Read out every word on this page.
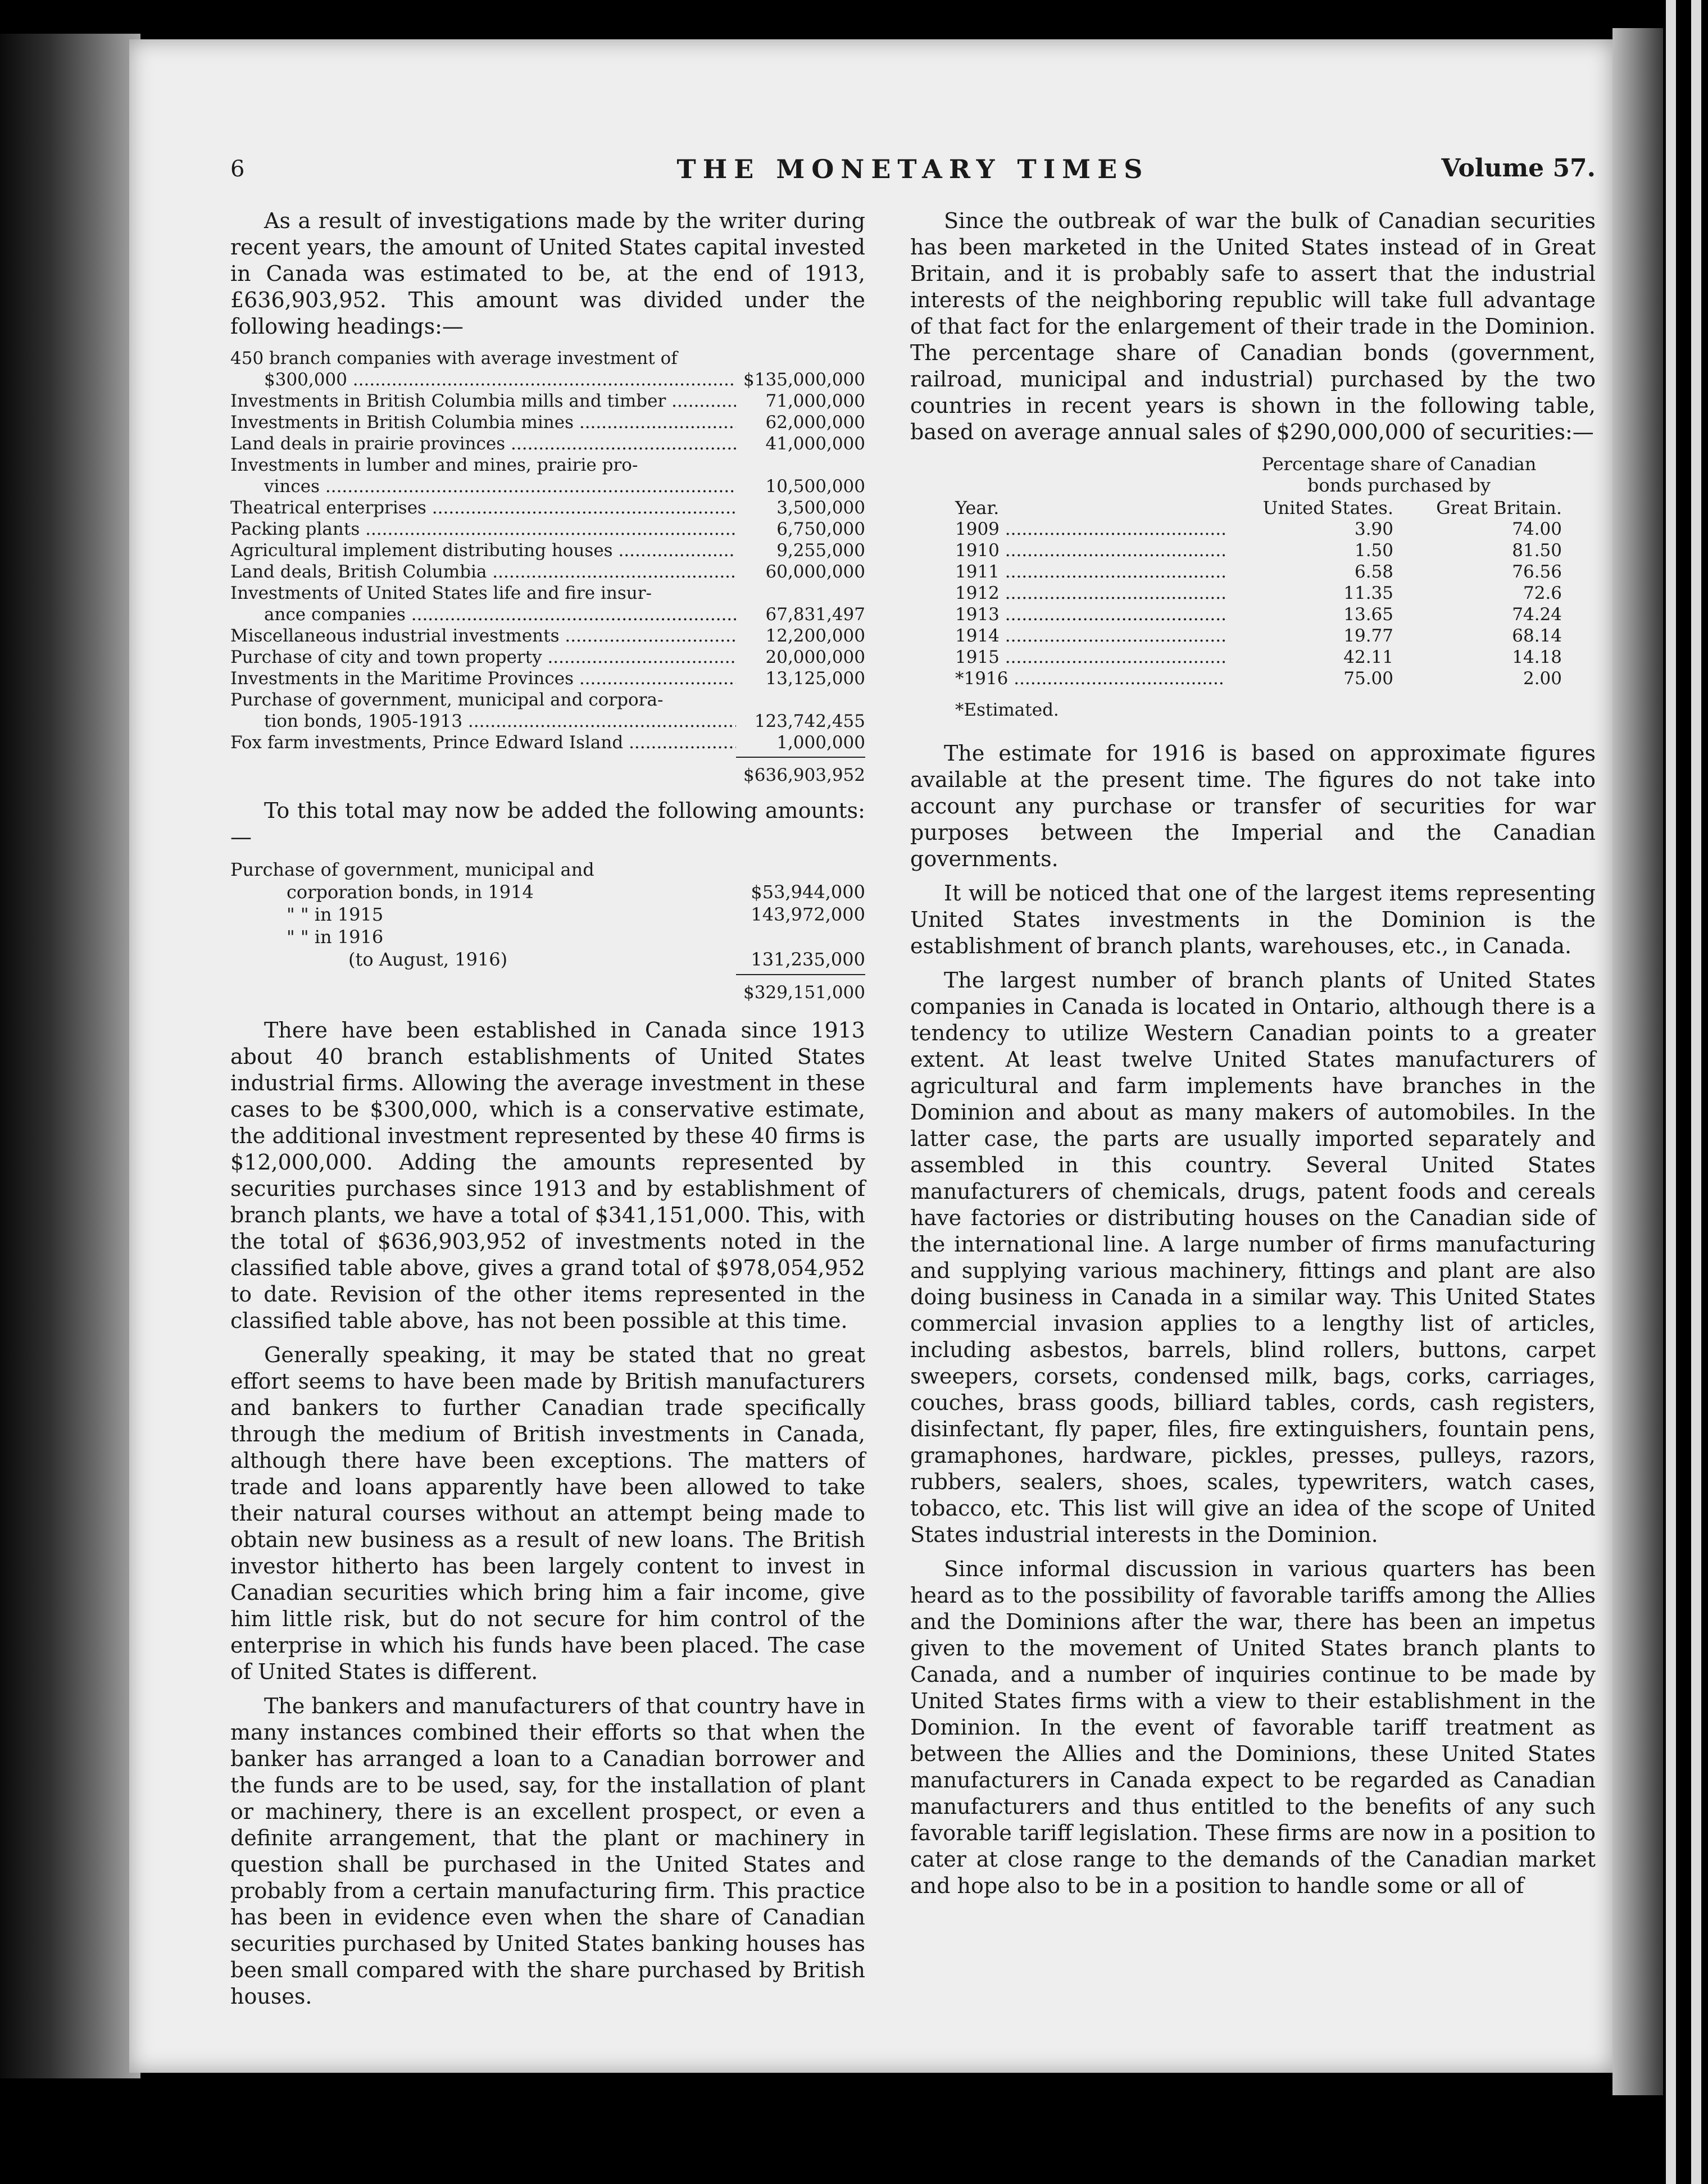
6	THE MONETARY TIMES	Volume 57.

As a result of investigations made by the writer during recent years, the amount of United States capital invested in Canada was estimated to be, at the end of 1913, £636,903,952. This amount was divided under the following headings:—

450 branch companies with average investment of
$300,000 .....	$135,000,000
Investments in British Columbia mills and timber .....	71,000,000
Investments in British Columbia mines .....	62,000,000
Land deals in prairie provinces .....	41,000,000
Investments in lumber and mines, prairie pro-
vinces .....	10,500,000
Theatrical enterprises .....	3,500,000
Packing plants .....	6,750,000
Agricultural implement distributing houses .....	9,255,000
Land deals, British Columbia .....	60,000,000
Investments of United States life and fire insur-
ance companies .....	67,831,497
Miscellaneous industrial investments .....	12,200,000
Purchase of city and town property .....	20,000,000
Investments in the Maritime Provinces .....	13,125,000
Purchase of government, municipal and corpora-
tion bonds, 1905-1913 .....	123,742,455
Fox farm investments, Prince Edward Island .....	1,000,000
$636,903,952

To this total may now be added the following amounts:—

Purchase of government, municipal and
corporation bonds, in 1914	$53,944,000
" " in 1915	143,972,000
" " in 1916
(to August, 1916)	131,235,000
$329,151,000

There have been established in Canada since 1913 about 40 branch establishments of United States industrial firms. Allowing the average investment in these cases to be $300,000, which is a conservative estimate, the additional investment represented by these 40 firms is $12,000,000. Adding the amounts represented by securities purchases since 1913 and by establishment of branch plants, we have a total of $341,151,000. This, with the total of $636,903,952 of investments noted in the classified table above, gives a grand total of $978,054,952 to date. Revision of the other items represented in the classified table above, has not been possible at this time.

Generally speaking, it may be stated that no great effort seems to have been made by British manufacturers and bankers to further Canadian trade specifically through the medium of British investments in Canada, although there have been exceptions. The matters of trade and loans apparently have been allowed to take their natural courses without an attempt being made to obtain new business as a result of new loans. The British investor hitherto has been largely content to invest in Canadian securities which bring him a fair income, give him little risk, but do not secure for him control of the enterprise in which his funds have been placed. The case of United States is different.

The bankers and manufacturers of that country have in many instances combined their efforts so that when the banker has arranged a loan to a Canadian borrower and the funds are to be used, say, for the installation of plant or machinery, there is an excellent prospect, or even a definite arrangement, that the plant or machinery in question shall be purchased in the United States and probably from a certain manufacturing firm. This practice has been in evidence even when the share of Canadian securities purchased by United States banking houses has been small compared with the share purchased by British houses.

Since the outbreak of war the bulk of Canadian securities has been marketed in the United States instead of in Great Britain, and it is probably safe to assert that the industrial interests of the neighboring republic will take full advantage of that fact for the enlargement of their trade in the Dominion. The percentage share of Canadian bonds (government, railroad, municipal and industrial) purchased by the two countries in recent years is shown in the following table, based on average annual sales of $290,000,000 of securities:—

Percentage share of Canadian
bonds purchased by
Year.	United States.	Great Britain.
1909 .....	3.90	74.00
1910 .....	1.50	81.50
1911 .....	6.58	76.56
1912 .....	11.35	72.6
1913 .....	13.65	74.24
1914 .....	19.77	68.14
1915 .....	42.11	14.18
*1916 .....	75.00	2.00
*Estimated.

The estimate for 1916 is based on approximate figures available at the present time. The figures do not take into account any purchase or transfer of securities for war purposes between the Imperial and the Canadian governments.

It will be noticed that one of the largest items representing United States investments in the Dominion is the establishment of branch plants, warehouses, etc., in Canada.

The largest number of branch plants of United States companies in Canada is located in Ontario, although there is a tendency to utilize Western Canadian points to a greater extent. At least twelve United States manufacturers of agricultural and farm implements have branches in the Dominion and about as many makers of automobiles. In the latter case, the parts are usually imported separately and assembled in this country. Several United States manufacturers of chemicals, drugs, patent foods and cereals have factories or distributing houses on the Canadian side of the international line. A large number of firms manufacturing and supplying various machinery, fittings and plant are also doing business in Canada in a similar way. This United States commercial invasion applies to a lengthy list of articles, including asbestos, barrels, blind rollers, buttons, carpet sweepers, corsets, condensed milk, bags, corks, carriages, couches, brass goods, billiard tables, cords, cash registers, disinfectant, fly paper, files, fire extinguishers, fountain pens, gramaphones, hardware, pickles, presses, pulleys, razors, rubbers, sealers, shoes, scales, typewriters, watch cases, tobacco, etc. This list will give an idea of the scope of United States industrial interests in the Dominion.

Since informal discussion in various quarters has been heard as to the possibility of favorable tariffs among the Allies and the Dominions after the war, there has been an impetus given to the movement of United States branch plants to Canada, and a number of inquiries continue to be made by United States firms with a view to their establishment in the Dominion. In the event of favorable tariff treatment as between the Allies and the Dominions, these United States manufacturers in Canada expect to be regarded as Canadian manufacturers and thus entitled to the benefits of any such favorable tariff legislation. These firms are now in a position to cater at close range to the demands of the Canadian market and hope also to be in a position to handle some or all of
